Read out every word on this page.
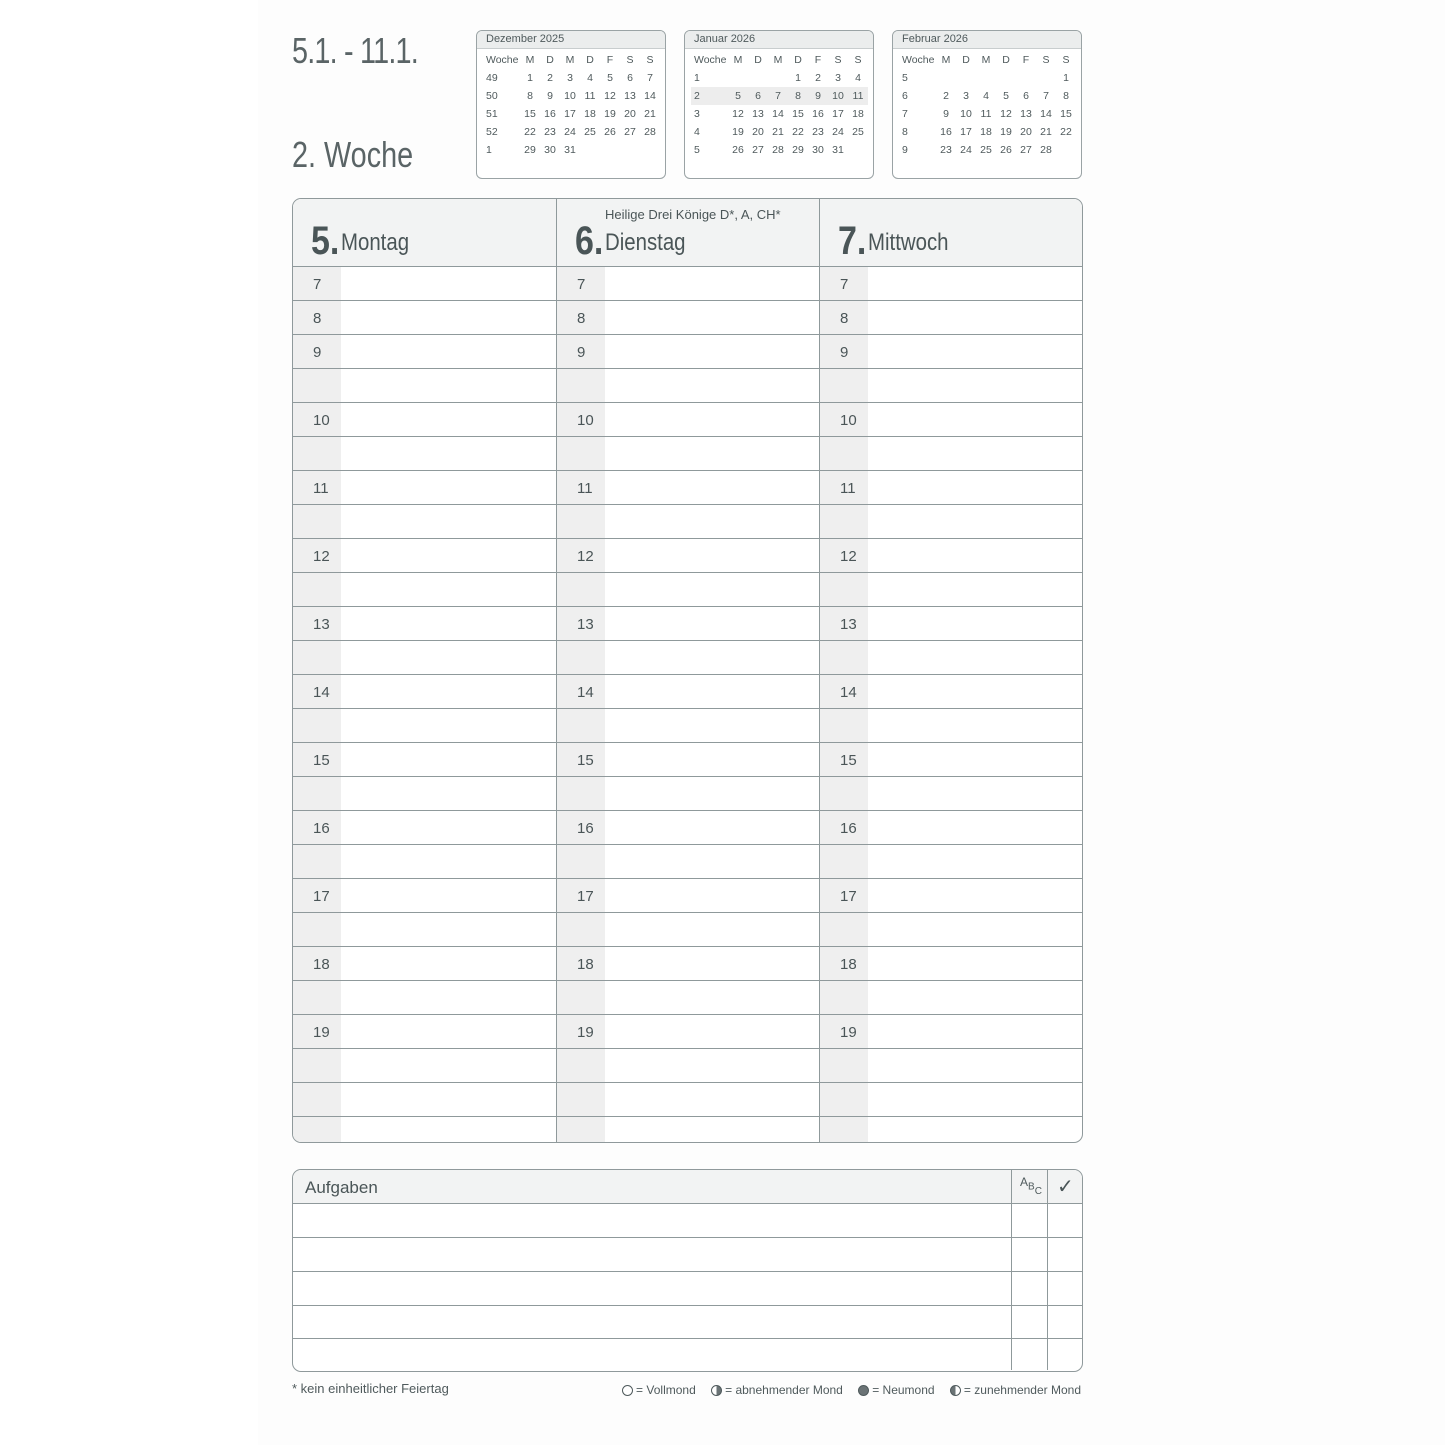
5.1. - 11.1.
2. Woche
Dezember 2025
Woche	M	D	M	D	F	S	S
49	1	2	3	4	5	6	7
50	8	9	10	11	12	13	14
51	15	16	17	18	19	20	21
52	22	23	24	25	26	27	28
1	29	30	31				
Januar 2026
Woche	M	D	M	D	F	S	S
1				1	2	3	4
2	5	6	7	8	9	10	11
3	12	13	14	15	16	17	18
4	19	20	21	22	23	24	25
5	26	27	28	29	30	31	
Februar 2026
Woche	M	D	M	D	F	S	S
5							1
6	2	3	4	5	6	7	8
7	9	10	11	12	13	14	15
8	16	17	18	19	20	21	22
9	23	24	25	26	27	28	
5. Montag
7
8
9
10
11
12
13
14
15
16
17
18
19
6. Dienstag
Heilige Drei Könige D*, A, CH*
7
8
9
10
11
12
13
14
15
16
17
18
19
7. Mittwoch
7
8
9
10
11
12
13
14
15
16
17
18
19
Aufgaben	$A_{BC}$ ✓
* kein einheitlicher Feiertag	= Vollmond = abnehmender Mond = Neumond = zunehmender Mond
